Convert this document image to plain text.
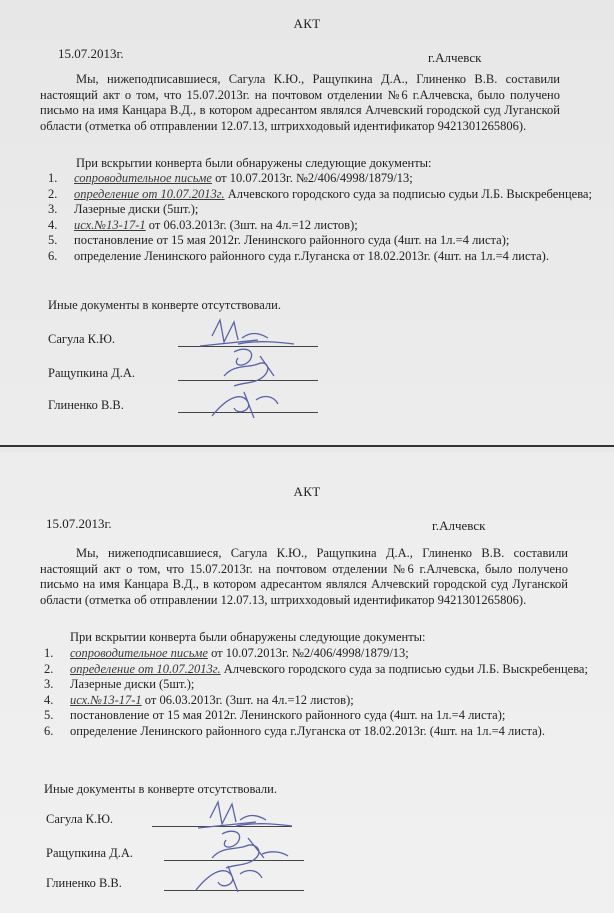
АКТ
15.07.2013г.	г.Алчевск
Мы, нижеподписавшиеся, Сагула К.Ю., Ращупкина Д.А., Глиненко В.В. составили настоящий акт о том, что 15.07.2013г. на почтовом отделении №6 г.Алчевска, было получено письмо на имя Канцара В.Д., в котором адресантом являлся Алчевский городской суд Луганской области (отметка об отправлении 12.07.13, штрихходовый идентификатор 9421301265806).
При вскрытии конверта были обнаружены следующие документы:
1. сопроводительное письме от 10.07.2013г. №2/406/4998/1879/13;
2. определение от 10.07.2013г. Алчевского городского суда за подписью судьи Л.Б. Выскребенцева;
3. Лазерные диски (5шт.);
4. исх.№13-17-1 от 06.03.2013г. (3шт. на 4л.=12 листов);
5. постановление от 15 мая 2012г. Ленинского районного суда (4шт. на 1л.=4 листа);
6. определение Ленинского районного суда г.Луганска от 18.02.2013г. (4шт. на 1л.=4 листа).
Иные документы в конверте отсутствовали.
Сагула К.Ю.
Ращупкина Д.А.
Глиненко В.В.
АКТ
15.07.2013г.	г.Алчевск
Мы, нижеподписавшиеся, Сагула К.Ю., Ращупкина Д.А., Глиненко В.В. составили настоящий акт о том, что 15.07.2013г. на почтовом отделении №6 г.Алчевска, было получено письмо на имя Канцара В.Д., в котором адресантом являлся Алчевский городской суд Луганской области (отметка об отправлении 12.07.13, штрихходовый идентификатор 9421301265806).
При вскрытии конверта были обнаружены следующие документы:
1. сопроводительное письме от 10.07.2013г. №2/406/4998/1879/13;
2. определение от 10.07.2013г. Алчевского городского суда за подписью судьи Л.Б. Выскребенцева;
3. Лазерные диски (5шт.);
4. исх.№13-17-1 от 06.03.2013г. (3шт. на 4л.=12 листов);
5. постановление от 15 мая 2012г. Ленинского районного суда (4шт. на 1л.=4 листа);
6. определение Ленинского районного суда г.Луганска от 18.02.2013г. (4шт. на 1л.=4 листа).
Иные документы в конверте отсутствовали.
Сагула К.Ю.
Ращупкина Д.А.
Глиненко В.В.
